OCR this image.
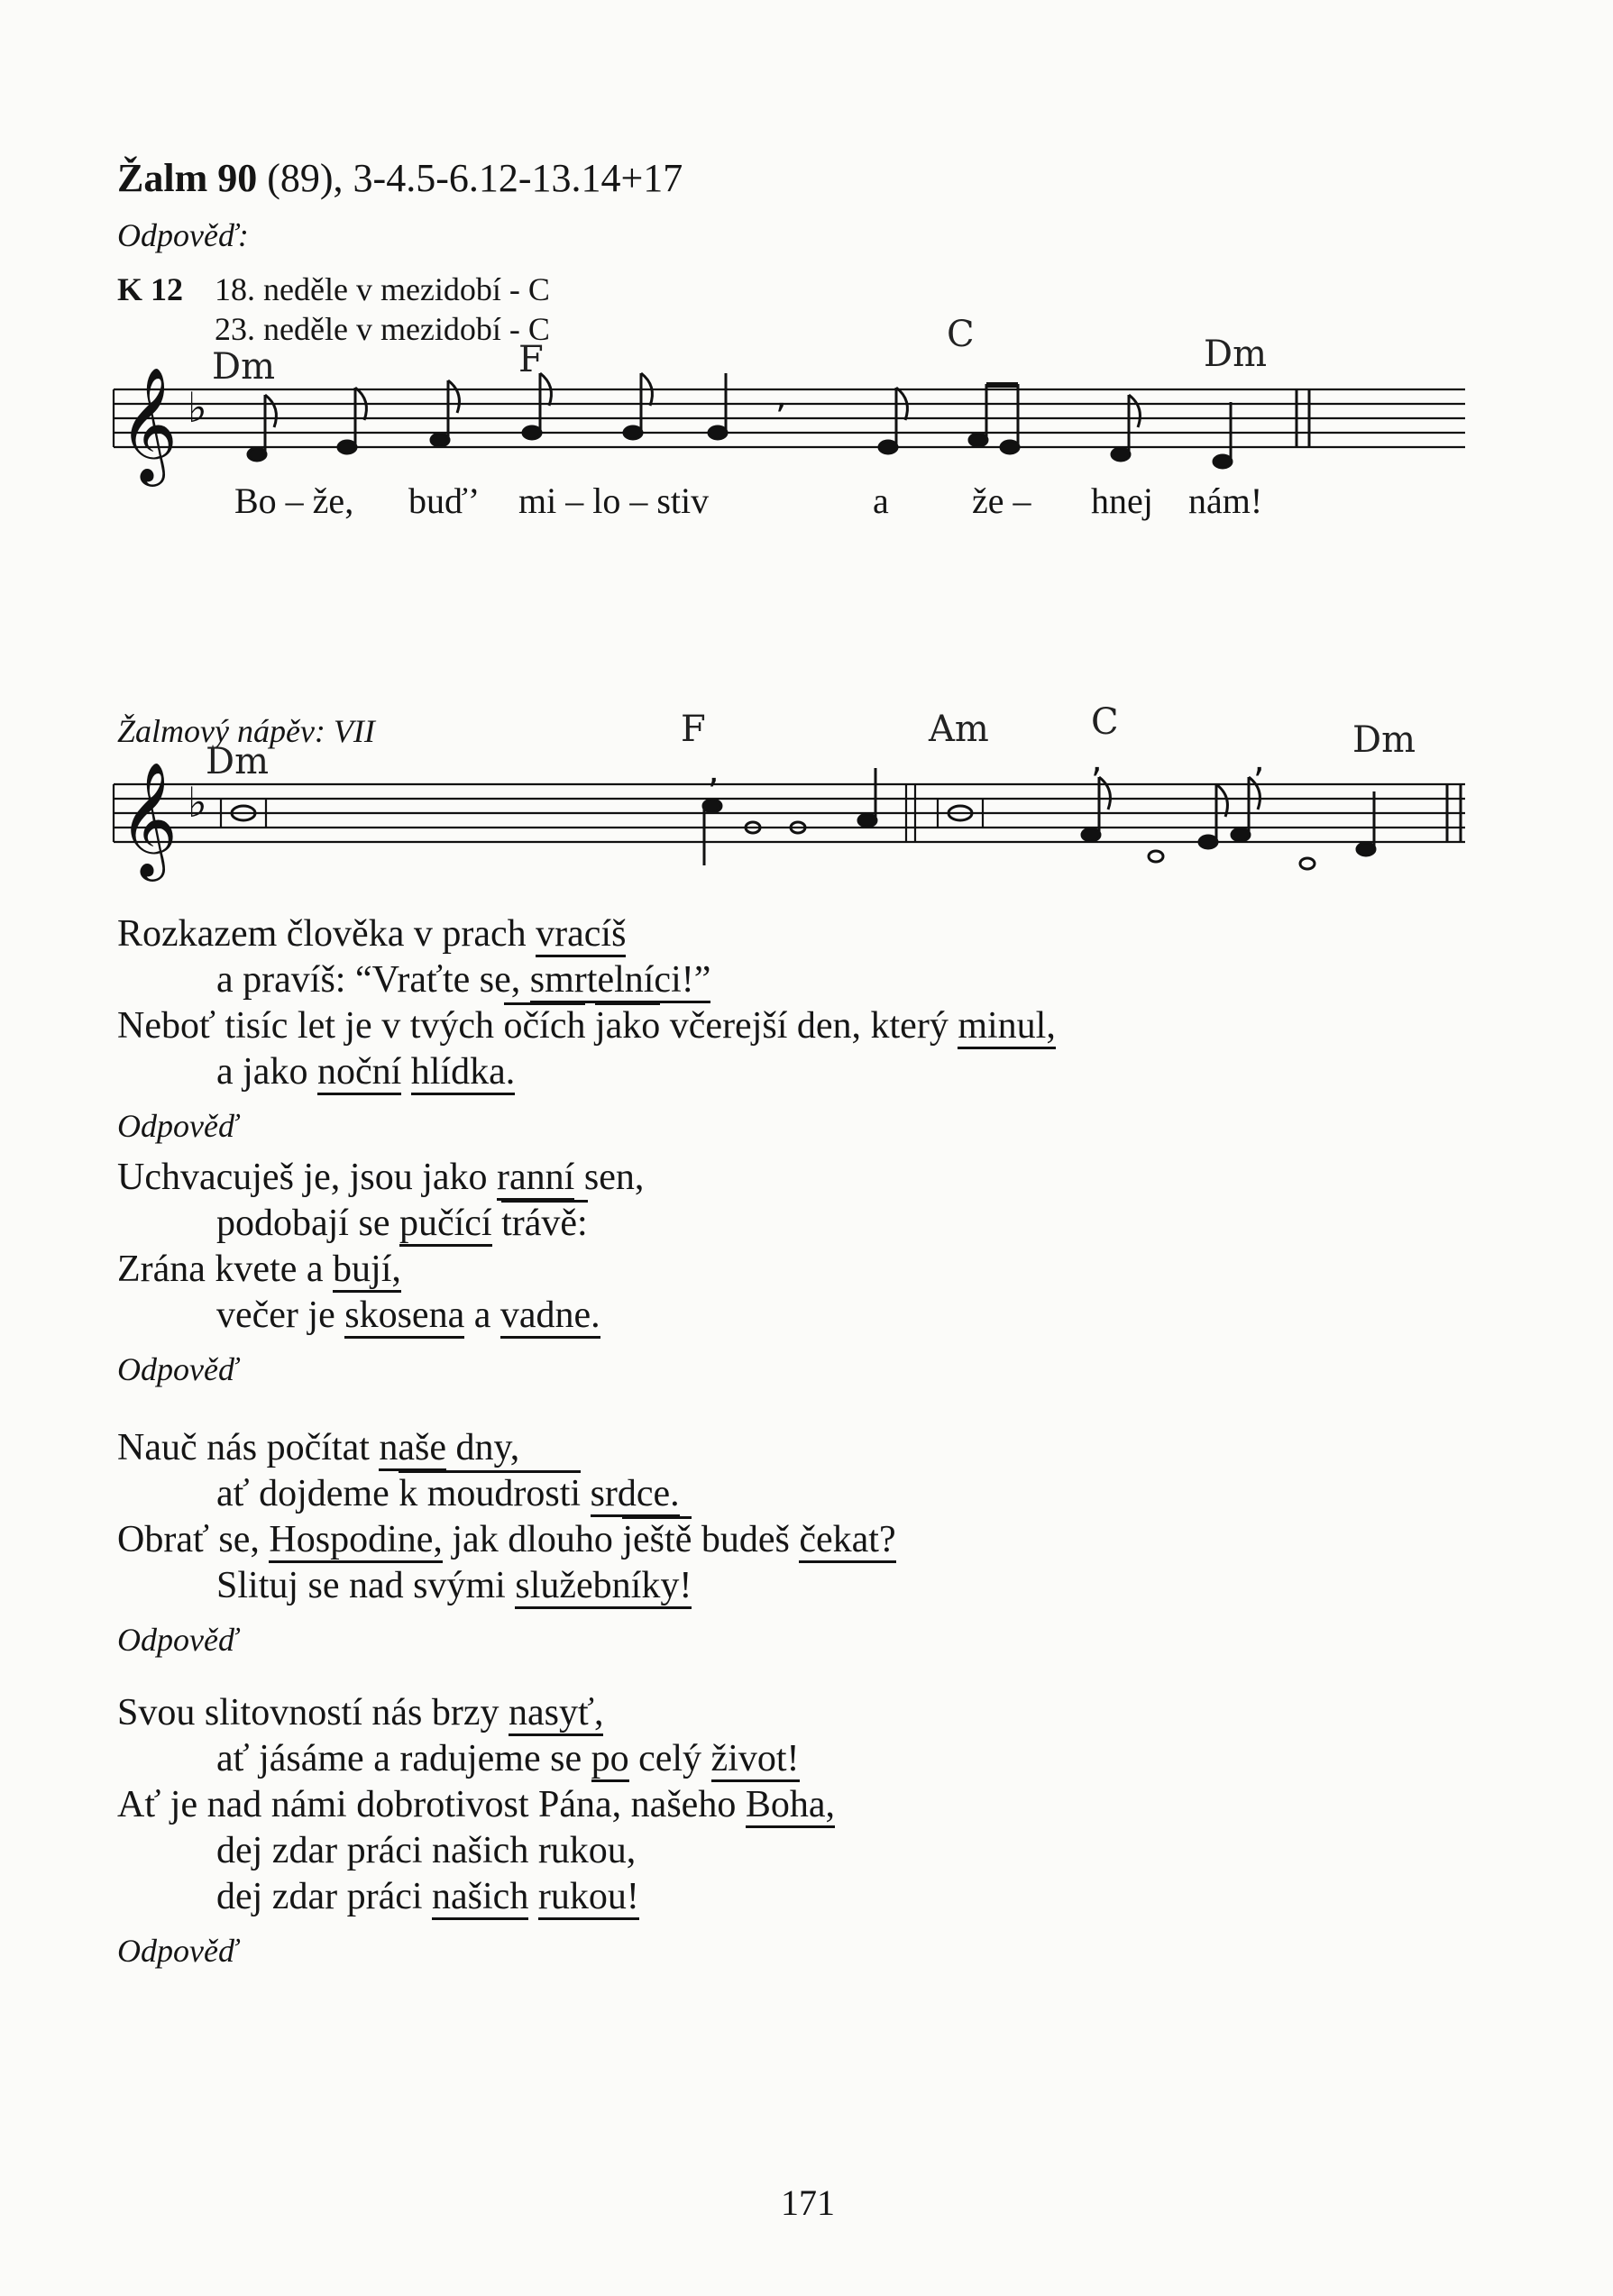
Žalm 90 (89), 3-4.5-6.12-13.14+17
Odpověď:
K 12 18. neděle v mezidobí - C
23. neděle v mezidobí - C
Dm	F
C	Dm
𝄞 ♭	,
𝄞 ♭
,	,	,
Bo – že, buď’ mi – lo – stiv	a že – hnej nám!
Žalmový nápěv: VII
Dm
F	Am	C	Dm
Rozkazem člověka v prach vracíš
a pravíš: “Vraťte se, smrtelníci!”
Neboť tisíc let je v tvých očích jako včerejší den, který minul,
a jako noční hlídka.
Odpověď
Uchvacuješ je, jsou jako ranní sen,
podobají se pučící trávě:
Zrána kvete a bují,
večer je skosena a vadne.
Odpověď
Nauč nás počítat naše dny,
ať dojdeme k moudrosti srdce.
Obrať se, Hospodine, jak dlouho ještě budeš čekat?
Slituj se nad svými služebníky!
Odpověď
Svou slitovností nás brzy nasyť,
ať jásáme a radujeme se po celý život!
Ať je nad námi dobrotivost Pána, našeho Boha,
dej zdar práci našich rukou,
dej zdar práci našich rukou!
Odpověď
171
